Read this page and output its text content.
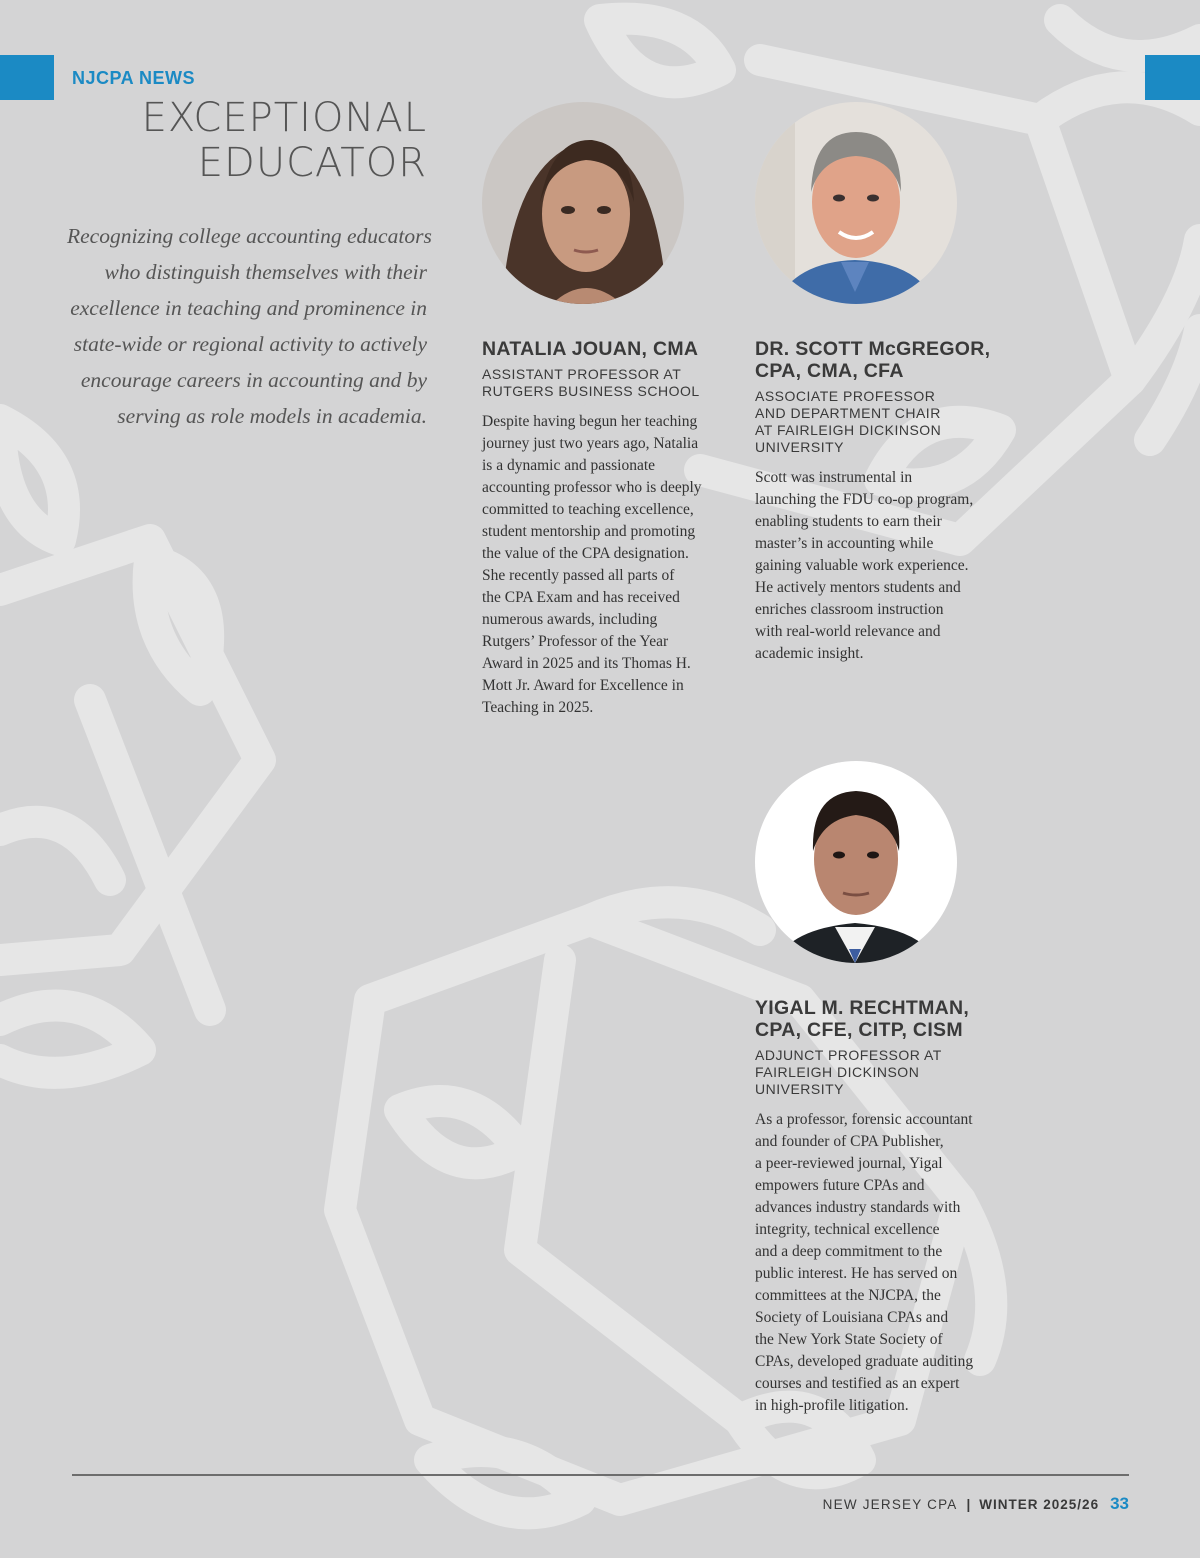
NJCPA NEWS
EXCEPTIONAL
EDUCATOR
Recognizing college accounting educators
who distinguish themselves with their
excellence in teaching and prominence in
state-wide or regional activity to actively
encourage careers in accounting and by
serving as role models in academia.
NATALIA JOUAN, CMA
ASSISTANT PROFESSOR AT
RUTGERS BUSINESS SCHOOL
Despite having begun her teaching
journey just two years ago, Natalia
is a dynamic and passionate
accounting professor who is deeply
committed to teaching excellence,
student mentorship and promoting
the value of the CPA designation.
She recently passed all parts of
the CPA Exam and has received
numerous awards, including
Rutgers’ Professor of the Year
Award in 2025 and its Thomas H.
Mott Jr. Award for Excellence in
Teaching in 2025.
DR. SCOTT McGREGOR,
CPA, CMA, CFA
ASSOCIATE PROFESSOR
AND DEPARTMENT CHAIR
AT FAIRLEIGH DICKINSON
UNIVERSITY
Scott was instrumental in
launching the FDU co-op program,
enabling students to earn their
master’s in accounting while
gaining valuable work experience.
He actively mentors students and
enriches classroom instruction
with real-world relevance and
academic insight.
YIGAL M. RECHTMAN,
CPA, CFE, CITP, CISM
ADJUNCT PROFESSOR AT
FAIRLEIGH DICKINSON
UNIVERSITY
As a professor, forensic accountant
and founder of CPA Publisher,
a peer-reviewed journal, Yigal
empowers future CPAs and
advances industry standards with
integrity, technical excellence
and a deep commitment to the
public interest. He has served on
committees at the NJCPA, the
Society of Louisiana CPAs and
the New York State Society of
CPAs, developed graduate auditing
courses and testified as an expert
in high-profile litigation.
NEW JERSEY CPA | WINTER 2025/26 33
